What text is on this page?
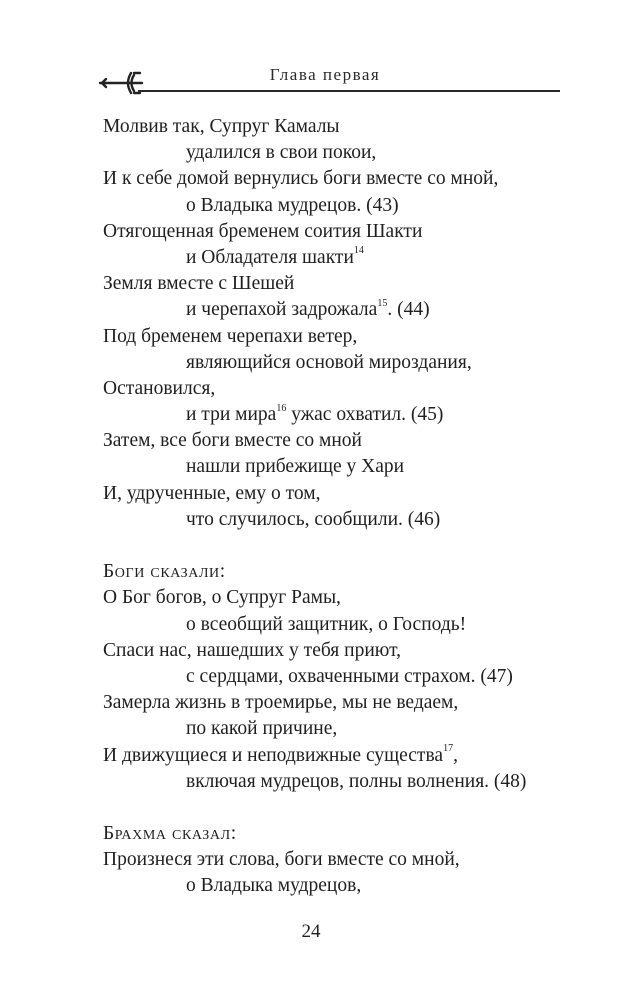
Глава первая
Молвив так, Супруг Камалы
удалился в свои покои,
И к себе домой вернулись боги вместе со мной,
о Владыка мудрецов. (43)
Отягощенная бременем соития Шакти
и Обладателя шакти$^{14}$
Земля вместе с Шешей
и черепахой задрожала$^{15}$. (44)
Под бременем черепахи ветер,
являющийся основой мироздания,
Остановился,
и три мира$^{16}$ ужас охватил. (45)
Затем, все боги вместе со мной
нашли прибежище у Хари
И, удрученные, ему о том,
что случилось, сообщили. (46)
Боги сказали:
О Бог богов, о Супруг Рамы,
о всеобщий защитник, о Господь!
Спаси нас, нашедших у тебя приют,
с сердцами, охваченными страхом. (47)
Замерла жизнь в троемирье, мы не ведаем,
по какой причине,
И движущиеся и неподвижные существа$^{17}$,
включая мудрецов, полны волнения. (48)
Брахма сказал:
Произнеся эти слова, боги вместе со мной,
о Владыка мудрецов,
24
